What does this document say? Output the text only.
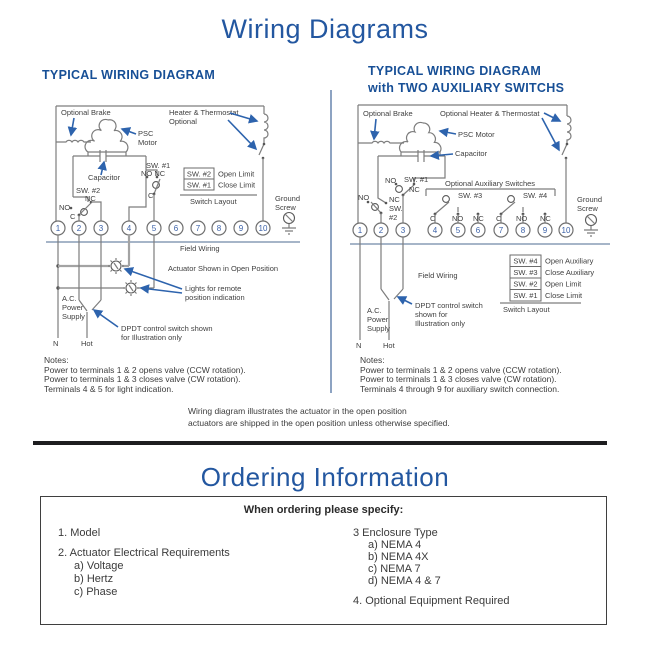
Wiring Diagrams
TYPICAL WIRING DIAGRAM	TYPICAL WIRING DIAGRAM
with TWO AUXILIARY SWITCHS
1 2 3	4	5 6 7 8 9 10
Optional Brake	Heater & Thermostat
Optional
PSC
Motor
Capacitor
SW. #1
NO NC
C
SW. #2
NC
NO
C
SW. #2 Open Limit
SW. #1 Close Limit
Switch Layout	Ground
Screw
Field Wiring
Actuator Shown in Open Position
Lights for remote
position indication
A.C.
Power
Supply
N	Hot
DPDT control switch shown
for Illustration only
1 2 3	4 5 6 7 8 9 10
Optional Brake	Optional Heater & Thermostat
PSC Motor
Capacitor
NO SW. #1
NC
NO	NC
SW.
#2
Optional Auxiliary Switches
SW. #3
C NO NC
SW. #4
C NO NC
Ground
Screw
Field Wiring
SW. #4 Open Auxiliary
SW. #3 Close Auxiliary
SW. #2 Open Limit
SW. #1 Close Limit
Switch Layout
A.C.
Power
Supply
N	Hot
DPDT control switch
shown for
Illustration only
Notes:
Power to terminals 1 & 2 opens valve (CCW rotation).
Power to terminals 1 & 3 closes valve (CW rotation).
Terminals 4 & 5 for light indication.
Notes:
Power to terminals 1 & 2 opens valve (CCW rotation).
Power to terminals 1 & 3 closes valve (CW rotation).
Terminals 4 through 9 for auxiliary switch connection.
Wiring diagram illustrates the actuator in the open position
actuators are shipped in the open position unless otherwise specified.
Ordering Information
When ordering please specify:
1. Model
2. Actuator Electrical Requirements
a) Voltage
b) Hertz
c) Phase
3 Enclosure Type
a) NEMA 4
b) NEMA 4X
c) NEMA 7
d) NEMA 4 & 7
4. Optional Equipment Required
